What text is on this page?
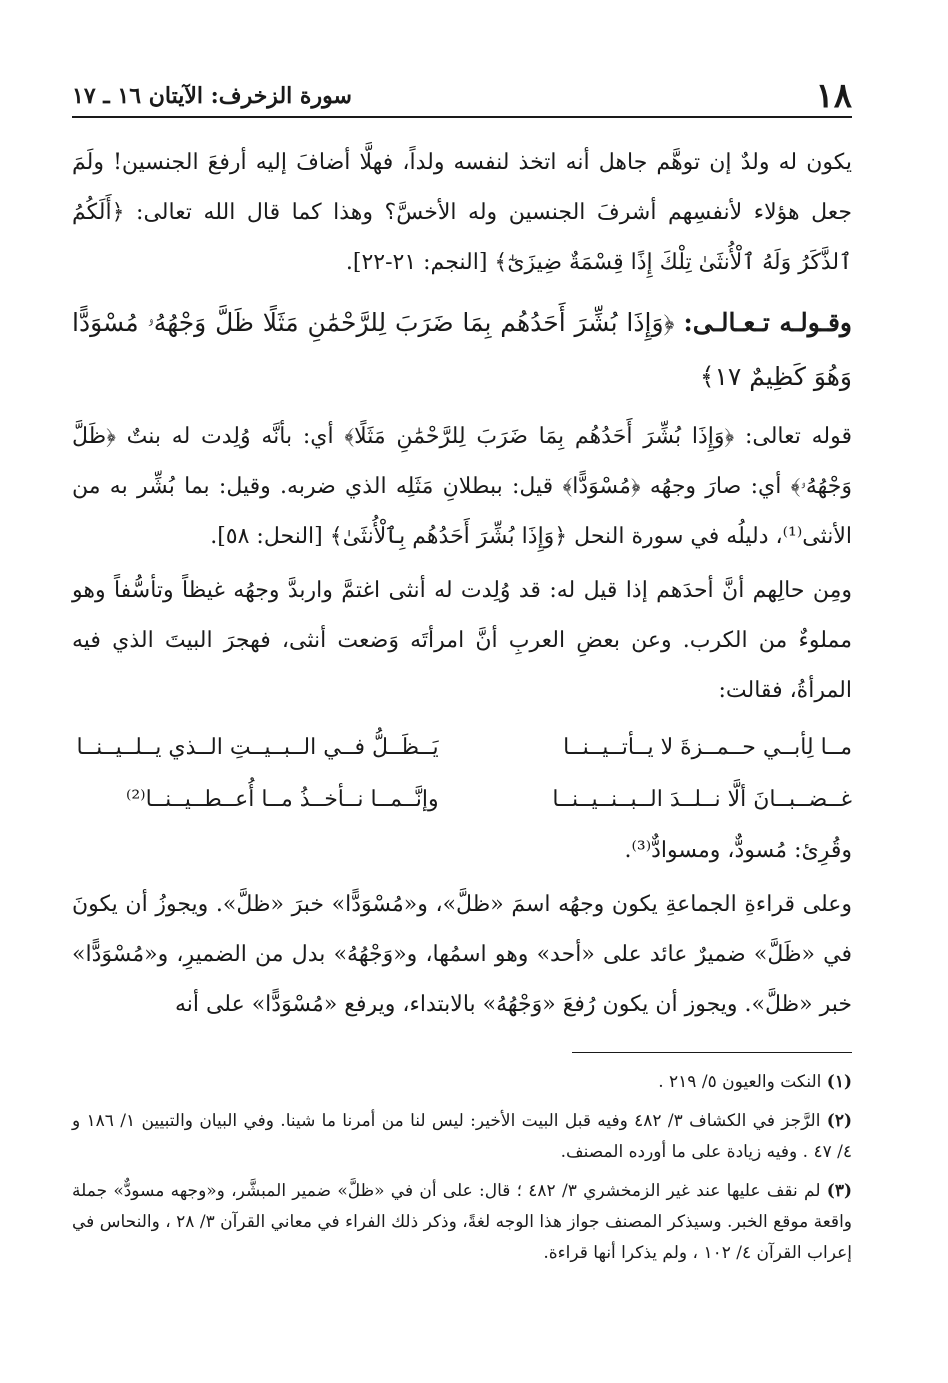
١٨
سورة الزخرف: الآيتان ١٦ ـ ١٧

يكون له ولدٌ إن توهَّم جاهل أنه اتخذ لنفسه ولداً، فهلَّا أضافَ إليه أرفعَ الجنسين! ولَمَ جعل هؤلاء لأنفسِهم أشرفَ الجنسين وله الأخسَّ؟ وهذا كما قال الله تعالى: ﴿أَلَكُمُ ٱلذَّكَرُ وَلَهُ ٱلْأُنثَىٰ تِلْكَ إِذًا قِسْمَةٌ ضِيزَىٰٓ﴾ [النجم: ٢١-٢٢].

وقـولـه تـعـالـى: ﴿وَإِذَا بُشِّرَ أَحَدُهُم بِمَا ضَرَبَ لِلرَّحْمَٰنِ مَثَلًا ظَلَّ وَجْهُهُۥ مُسْوَدًّا وَهُوَ كَظِيمٌ ١٧﴾

قوله تعالى: ﴿وَإِذَا بُشِّرَ أَحَدُهُم بِمَا ضَرَبَ لِلرَّحْمَٰنِ مَثَلًا﴾ أي: بأنَّه وُلِدت له بنتٌ ﴿ظَلَّ وَجْهُهُۥ﴾ أي: صارَ وجهُه ﴿مُسْوَدًّا﴾ قيل: ببطلانِ مَثَلِه الذي ضربه. وقيل: بما بُشِّر به من الأنثى⁽¹⁾، دليلُه في سورة النحل ﴿وَإِذَا بُشِّرَ أَحَدُهُم بِٱلْأُنثَىٰ﴾ [النحل: ٥٨].

ومِن حالِهم أنَّ أحدَهم إذا قيل له: قد وُلِدت له أنثى اغتمَّ واربدَّ وجهُه غيظاً وتأسُّفاً وهو مملوءٌ من الكرب. وعن بعضِ العربِ أنَّ امرأتَه وَضعت أنثى، فهجرَ البيتَ الذي فيه المرأةُ، فقالت:

مــا لِأبــي حــمــزةَ لا يــأتــيــنــا
يَــظَــلُّ فــي الــبــيــتِ الــذي يــلــيــنــا
غــضــبــانَ ألَّا نــلــدَ الــبــنــيــنــا
وإنَّــمــا نــأخــذُ مــا أُعــطــيــنــا⁽²⁾

وقُرِئ: مُسودٌّ، ومسوادٌّ⁽³⁾.

وعلى قراءةِ الجماعةِ يكون وجهُه اسمَ «ظلَّ»، و«مُسْوَدًّا» خبرَ «ظلَّ». ويجوزُ أن يكونَ في «ظَلَّ» ضميرٌ عائد على «أحد» وهو اسمُها، و«وَجْهُهُ» بدل من الضميرِ، و«مُسْوَدًّا» خبر «ظلَّ». ويجوز أن يكون رُفعَ «وَجْهُهُ» بالابتداء، ويرفع «مُسْوَدًّا» على أنه

(١) النكت والعيون ٥/ ٢١٩ .

(٢) الرَّجز في الكشاف ٣/ ٤٨٢ وفيه قبل البيت الأخير: ليس لنا من أمرنا ما شينا. وفي البيان والتبيين ١/ ١٨٦ و ٤/ ٤٧ . وفيه زيادة على ما أورده المصنف.

(٣) لم نقف عليها عند غير الزمخشري ٣/ ٤٨٢ ؛ قال: على أن في «ظلَّ» ضمير المبشَّر، و«وجهه مسودٌّ» جملة واقعة موقع الخبر. وسيذكر المصنف جواز هذا الوجه لغةً، وذكر ذلك الفراء في معاني القرآن ٣/ ٢٨ ، والنحاس في إعراب القرآن ٤/ ١٠٢ ، ولم يذكرا أنها قراءة.
